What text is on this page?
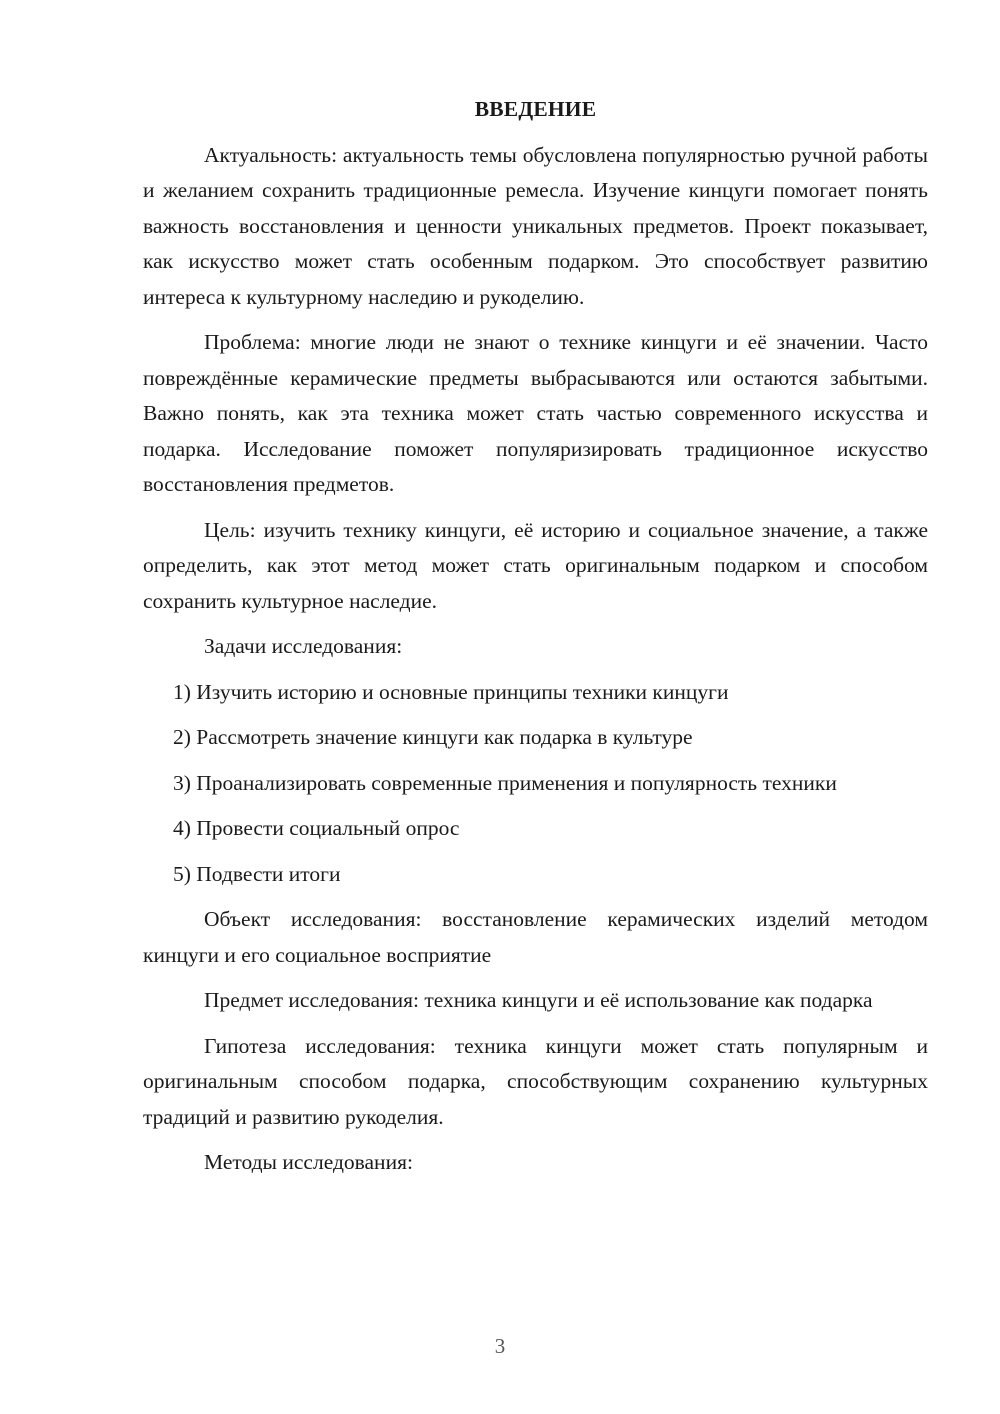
ВВЕДЕНИЕ

Актуальность: актуальность темы обусловлена популярностью ручной работы и желанием сохранить традиционные ремесла. Изучение кинцуги помогает понять важность восстановления и ценности уникальных предметов. Проект показывает, как искусство может стать особенным подарком. Это способствует развитию интереса к культурному наследию и рукоделию.

Проблема: многие люди не знают о технике кинцуги и её значении. Часто повреждённые керамические предметы выбрасываются или остаются забытыми. Важно понять, как эта техника может стать частью современного искусства и подарка. Исследование поможет популяризировать традиционное искусство восстановления предметов.

Цель: изучить технику кинцуги, её историю и социальное значение, а также определить, как этот метод может стать оригинальным подарком и способом сохранить культурное наследие.

Задачи исследования:

1) Изучить историю и основные принципы техники кинцуги

2) Рассмотреть значение кинцуги как подарка в культуре

3) Проанализировать современные применения и популярность техники

4) Провести социальный опрос

5) Подвести итоги

Объект исследования: восстановление керамических изделий методом кинцуги и его социальное восприятие

Предмет исследования: техника кинцуги и её использование как подарка

Гипотеза исследования: техника кинцуги может стать популярным и оригинальным способом подарка, способствующим сохранению культурных традиций и развитию рукоделия.

Методы исследования:

3
